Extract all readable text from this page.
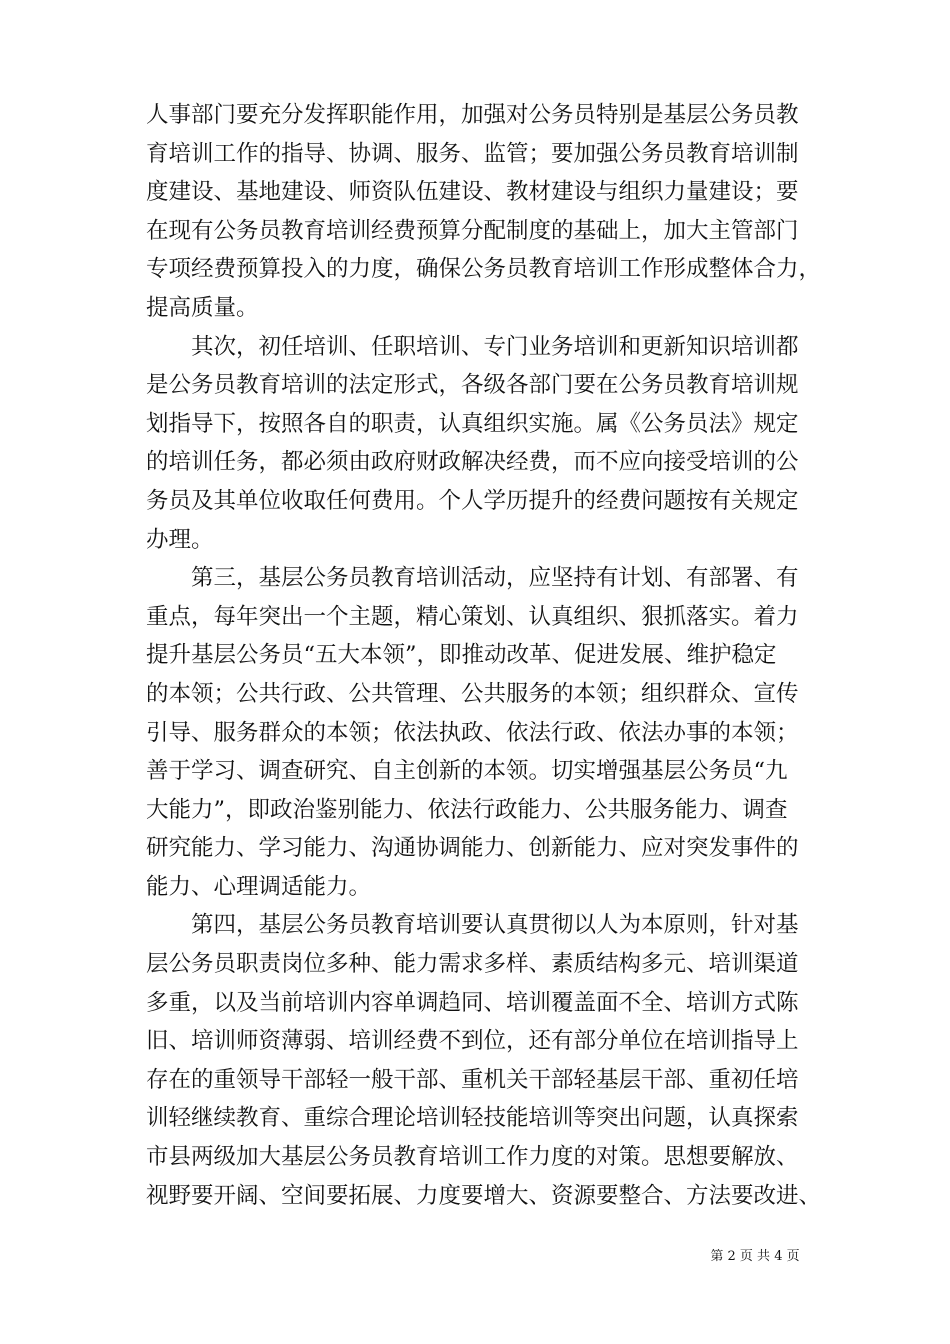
人事部门要充分发挥职能作用，加强对公务员特别是基层公务员教
育培训工作的指导、协调、服务、监管；要加强公务员教育培训制
度建设、基地建设、师资队伍建设、教材建设与组织力量建设；要
在现有公务员教育培训经费预算分配制度的基础上，加大主管部门
专项经费预算投入的力度，确保公务员教育培训工作形成整体合力，
提高质量。
　　其次，初任培训、任职培训、专门业务培训和更新知识培训都
是公务员教育培训的法定形式，各级各部门要在公务员教育培训规
划指导下，按照各自的职责，认真组织实施。属《公务员法》规定
的培训任务，都必须由政府财政解决经费，而不应向接受培训的公
务员及其单位收取任何费用。个人学历提升的经费问题按有关规定
办理。
　　第三，基层公务员教育培训活动，应坚持有计划、有部署、有
重点，每年突出一个主题，精心策划、认真组织、狠抓落实。着力
提升基层公务员“五大本领”，即推动改革、促进发展、维护稳定
的本领；公共行政、公共管理、公共服务的本领；组织群众、宣传
引导、服务群众的本领；依法执政、依法行政、依法办事的本领；
善于学习、调查研究、自主创新的本领。切实增强基层公务员“九
大能力”，即政治鉴别能力、依法行政能力、公共服务能力、调查
研究能力、学习能力、沟通协调能力、创新能力、应对突发事件的
能力、心理调适能力。
　　第四，基层公务员教育培训要认真贯彻以人为本原则，针对基
层公务员职责岗位多种、能力需求多样、素质结构多元、培训渠道
多重，以及当前培训内容单调趋同、培训覆盖面不全、培训方式陈
旧、培训师资薄弱、培训经费不到位，还有部分单位在培训指导上
存在的重领导干部轻一般干部、重机关干部轻基层干部、重初任培
训轻继续教育、重综合理论培训轻技能培训等突出问题，认真探索
市县两级加大基层公务员教育培训工作力度的对策。思想要解放、
视野要开阔、空间要拓展、力度要增大、资源要整合、方法要改进、
第 2 页 共 4 页
